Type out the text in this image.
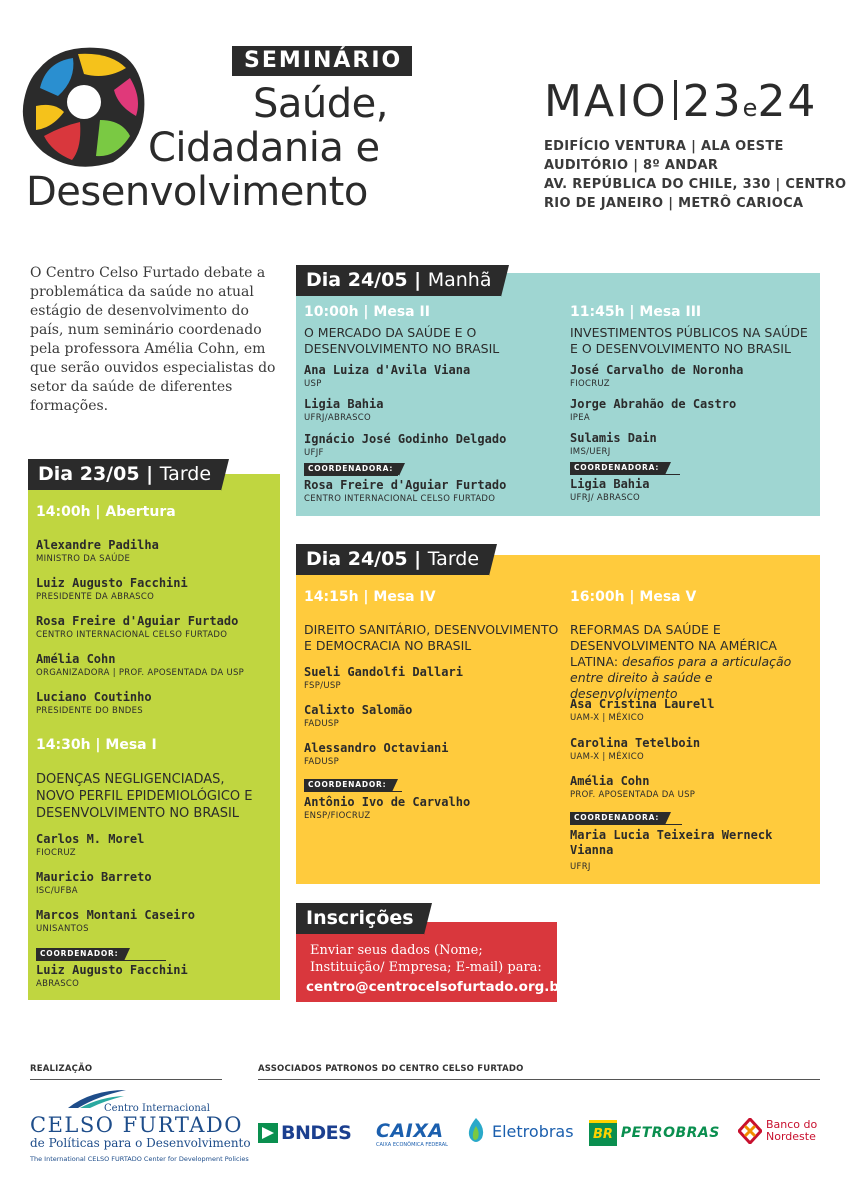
SEMINÁRIO
Saúde,
Cidadania e
Desenvolvimento
MAIO 23e24
EDIFÍCIO VENTURA | ALA OESTE
AUDITÓRIO | 8º ANDAR
AV. REPÚBLICA DO CHILE, 330 | CENTRO
RIO DE JANEIRO | METRÔ CARIOCA
O Centro Celso Furtado debate a problemática da saúde no atual estágio de desenvolvimento do país, num seminário coordenado pela professora Amélia Cohn, em que serão ouvidos especialistas do setor da saúde de diferentes formações.
14:00h | Abertura
Alexandre Padilha
MINISTRO DA SAÚDE
Luiz Augusto Facchini
PRESIDENTE DA ABRASCO
Rosa Freire d'Aguiar Furtado
CENTRO INTERNACIONAL CELSO FURTADO
Amélia Cohn
ORGANIZADORA | PROF. APOSENTADA DA USP
Luciano Coutinho
PRESIDENTE DO BNDES
14:30h | Mesa I
DOENÇAS NEGLIGENCIADAS,
NOVO PERFIL EPIDEMIOLÓGICO E
DESENVOLVIMENTO NO BRASIL
Carlos M. Morel
FIOCRUZ
Mauricio Barreto
ISC/UFBA
Marcos Montani Caseiro
UNISANTOS
COORDENADOR:
Luiz Augusto Facchini
ABRASCO
Dia 23/05 | Tarde
10:00h | Mesa II
O MERCADO DA SAÚDE E O
DESENVOLVIMENTO NO BRASIL
Ana Luiza d'Avila Viana
USP
Ligia Bahia
UFRJ/ABRASCO
Ignácio José Godinho Delgado
UFJF
COORDENADORA:
Rosa Freire d'Aguiar Furtado
CENTRO INTERNACIONAL CELSO FURTADO
11:45h | Mesa III
INVESTIMENTOS PÚBLICOS NA SAÚDE
E O DESENVOLVIMENTO NO BRASIL
José Carvalho de Noronha
FIOCRUZ
Jorge Abrahão de Castro
IPEA
Sulamis Dain
IMS/UERJ
COORDENADORA:
Ligia Bahia
UFRJ/ ABRASCO
Dia 24/05 | Manhã
14:15h | Mesa IV
DIREITO SANITÁRIO, DESENVOLVIMENTO
E DEMOCRACIA NO BRASIL
Sueli Gandolfi Dallari
FSP/USP
Calixto Salomão
FADUSP
Alessandro Octaviani
FADUSP
COORDENADOR:
Antônio Ivo de Carvalho
ENSP/FIOCRUZ
16:00h | Mesa V
REFORMAS DA SAÚDE E
DESENVOLVIMENTO NA AMÉRICA
LATINA: desafios para a articulação
entre direito à saúde e desenvolvimento
Asa Cristina Laurell
UAM-X | MÉXICO
Carolina Tetelboin
UAM-X | MÉXICO
Amélia Cohn
PROF. APOSENTADA DA USP
COORDENADORA:
Maria Lucia Teixeira Werneck
Vianna
UFRJ
Dia 24/05 | Tarde
Enviar seus dados (Nome;
Instituição/ Empresa; E-mail) para:
centro@centrocelsofurtado.org.br
Inscrições
REALIZAÇÃO	ASSOCIADOS PATRONOS DO CENTRO CELSO FURTADO
Centro Internacional
CELSO FURTADO
de Políticas para o Desenvolvimento
The International CELSO FURTADO Center for Development Policies
BNDES CAIXA
CAIXA ECONÔMICA FEDERAL
Eletrobras	BR PETROBRAS
Banco do
Nordeste
